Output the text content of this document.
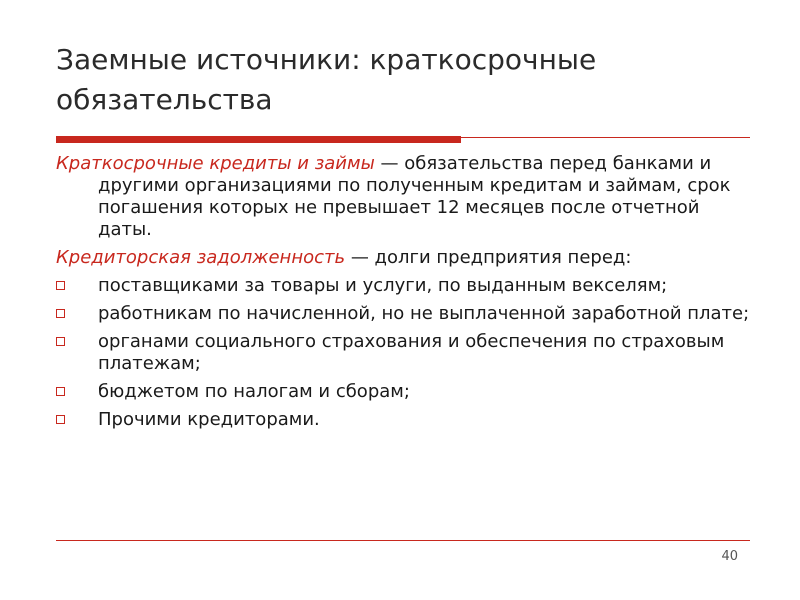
Заемные источники: краткосрочные
обязательства

Краткосрочные кредиты и займы — обязательства перед банками и другими организациями по полученным кредитам и займам, срок погашения которых не превышает 12 месяцев после отчетной даты.

Кредиторская задолженность — долги предприятия перед:

поставщиками за товары и услуги, по выданным векселям;
работникам по начисленной, но не выплаченной заработной плате;
органами социального страхования и обеспечения по страховым платежам;
бюджетом по налогам и сборам;
Прочими кредиторами.
40
